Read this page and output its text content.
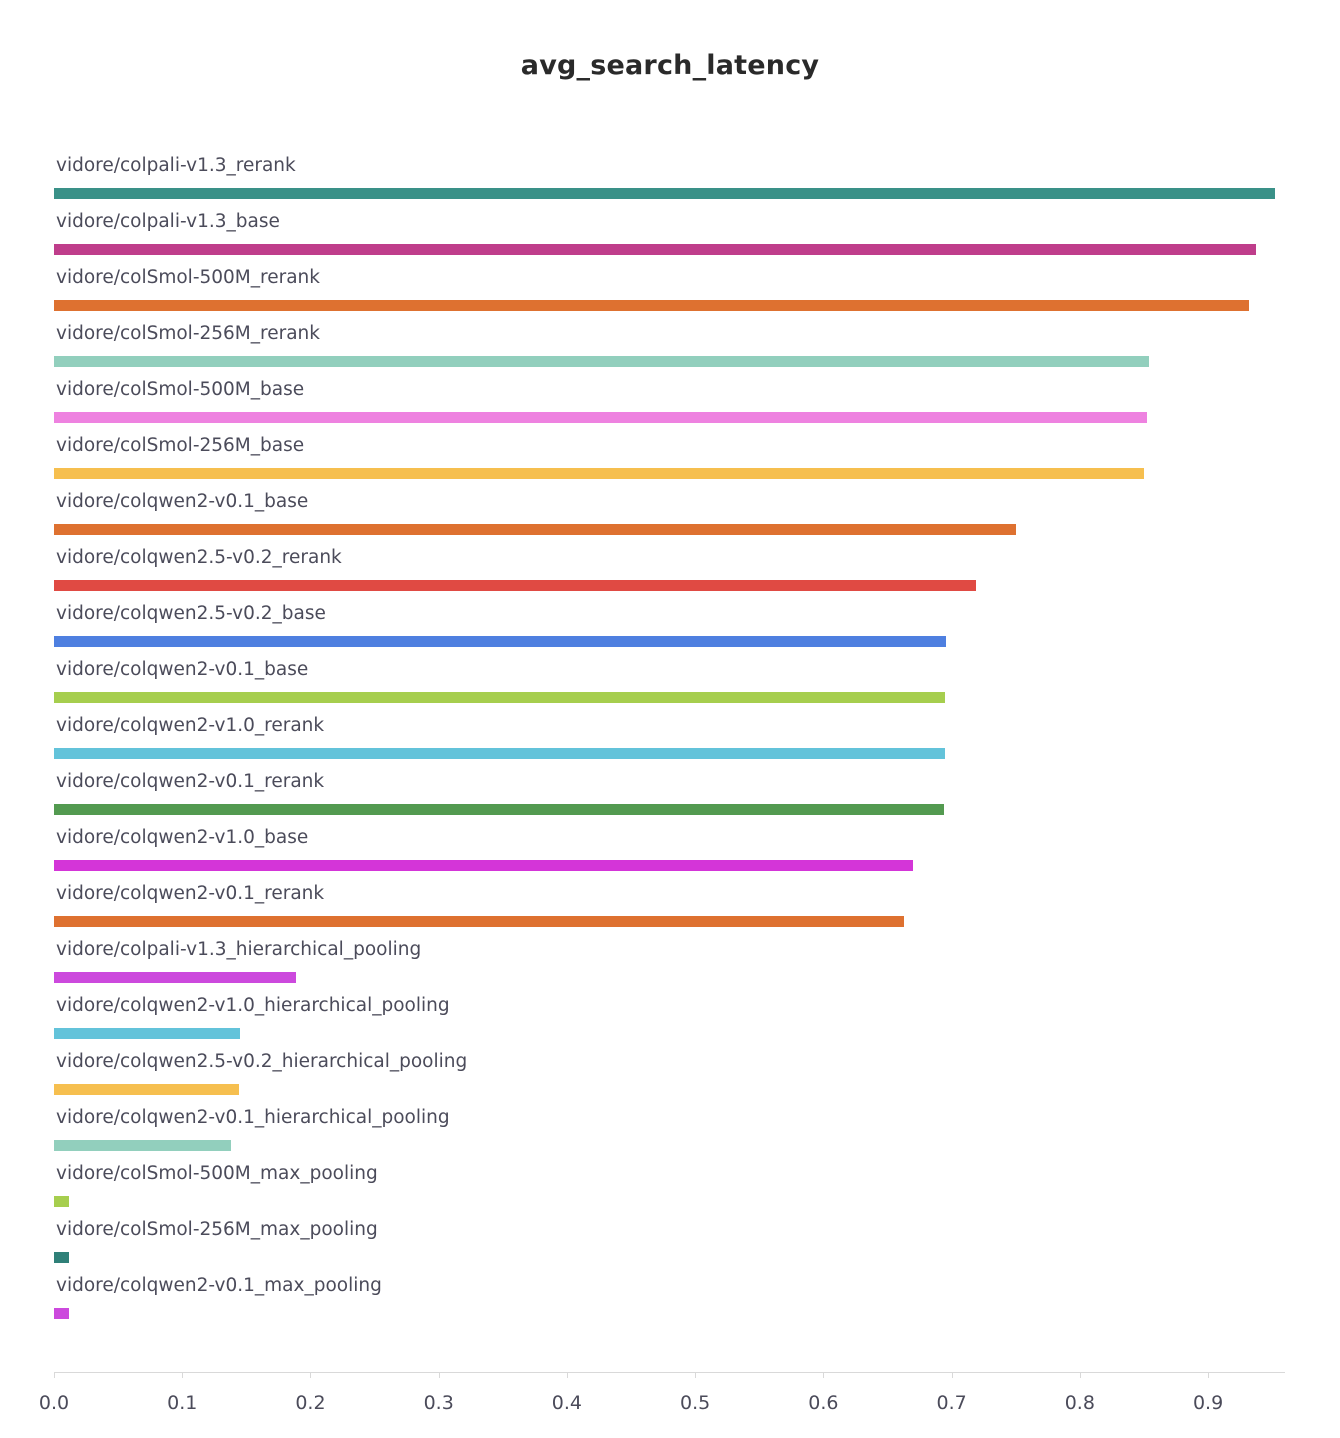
avg_search_latency
vidore/colpali-v1.3_rerank
vidore/colpali-v1.3_base
vidore/colSmol-500M_rerank
vidore/colSmol-256M_rerank
vidore/colSmol-500M_base
vidore/colSmol-256M_base
vidore/colqwen2-v0.1_base
vidore/colqwen2.5-v0.2_rerank
vidore/colqwen2.5-v0.2_base
vidore/colqwen2-v0.1_base
vidore/colqwen2-v1.0_rerank
vidore/colqwen2-v0.1_rerank
vidore/colqwen2-v1.0_base
vidore/colqwen2-v0.1_rerank
vidore/colpali-v1.3_hierarchical_pooling
vidore/colqwen2-v1.0_hierarchical_pooling
vidore/colqwen2.5-v0.2_hierarchical_pooling
vidore/colqwen2-v0.1_hierarchical_pooling
vidore/colSmol-500M_max_pooling
vidore/colSmol-256M_max_pooling
vidore/colqwen2-v0.1_max_pooling
0.0	0.1	0.2	0.3	0.4	0.5	0.6	0.7	0.8	0.9
